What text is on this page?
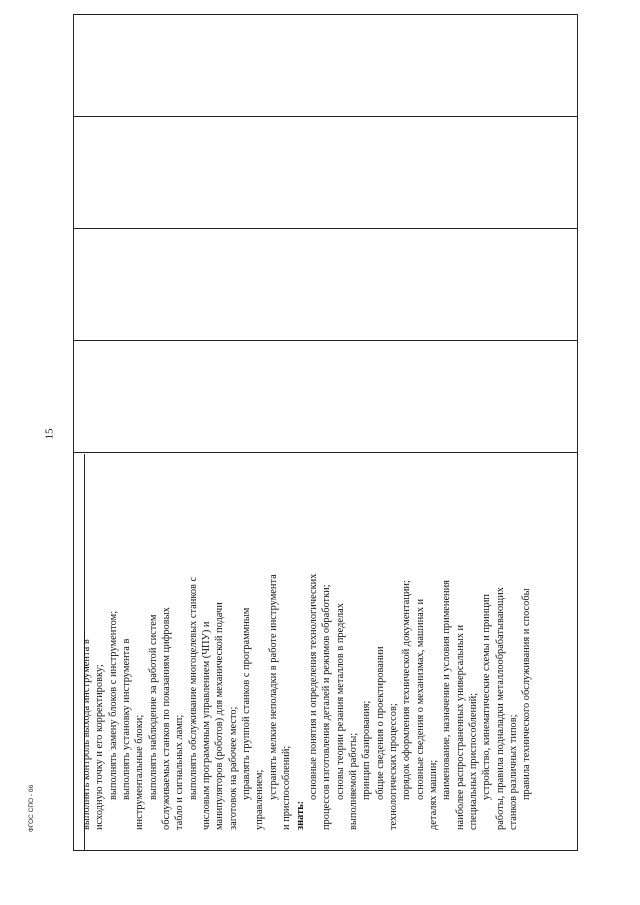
выполнять контроль выхода инструмента в исходную точку и его корректировку; выполнять замену блоков с инструментом; выполнять установку инструмента в инструментальные блоки; выполнять наблюдение за работой систем обслуживаемых станков по показаниям цифровых табло и сигнальных ламп; выполнять обслуживание многоцелевых станков с числовым программным управлением (ЧПУ) и манипуляторов (роботов) для механической подачи заготовок на рабочее место; управлять группой станков с программным управлением; устранять мелкие неполадки в работе инструмента и приспособлений; знать:
основные понятия и определения технологических процессов изготовления деталей и режимов обработки; основы теории резания металлов в пределах выполняемой работы; принцип базирования; общие сведения о проектировании технологических процессов; порядок оформления технической документации; основные сведения о механизмах, машинах и деталях машин; наименование, назначение и условия применения наиболее распространенных универсальных и специальных приспособлений; устройство, кинематические схемы и принцип работы, правила подналадки металлообрабатывающих станков различных типов; правила технического обслуживания и способы
15
ФГОС СПО - 06
